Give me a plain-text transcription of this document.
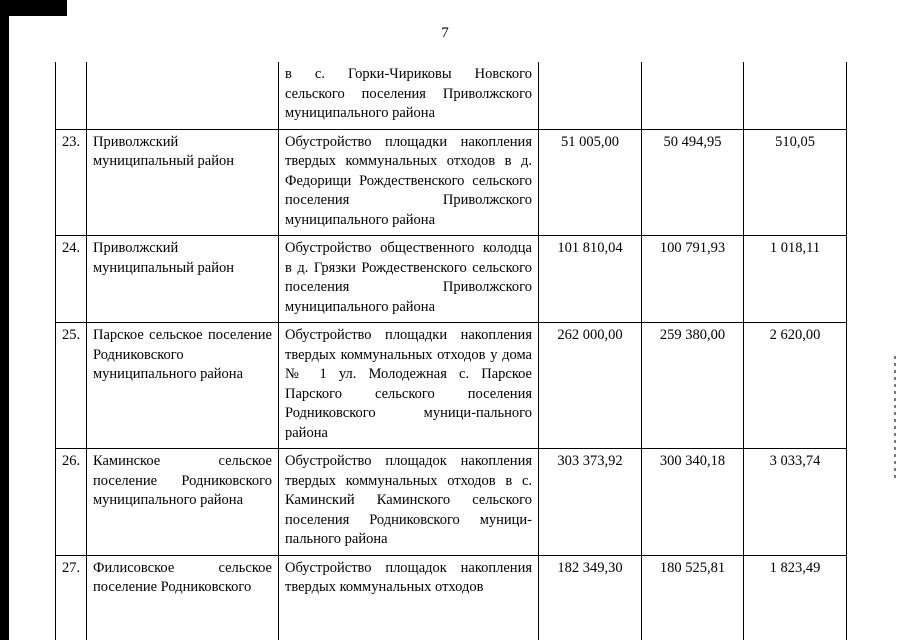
7
		в с. Горки-Чириковы Новского сельского поселения Приволжского муниципального района			
23.	Приволжский муниципальный район	Обустройство площадки накопления твердых коммунальных отходов в д. Федорищи Рождественского сельского поселения Приволжского муниципального района	51 005,00	50 494,95	510,05
24.	Приволжский муниципальный район	Обустройство общественного колодца в д. Грязки Рождественского сельского поселения Приволжского муниципального района	101 810,04	100 791,93	1 018,11
25.	Парское сельское поселение Родниковского муниципального района	Обустройство площадки накопления твердых коммунальных отходов у дома № 1 ул. Молодежная с. Парское Парского сельского поселения Родниковского муници-пального района	262 000,00	259 380,00	2 620,00
26.	Каминское сельское поселение Родниковского муниципального района	Обустройство площадок накопления твердых коммунальных отходов в с. Каминский Каминского сельского поселения Родниковского муници-пального района	303 373,92	300 340,18	3 033,74
27.	Филисовское сельское поселение Родниковского	Обустройство площадок накопления твердых коммунальных отходов	182 349,30	180 525,81	1 823,49
